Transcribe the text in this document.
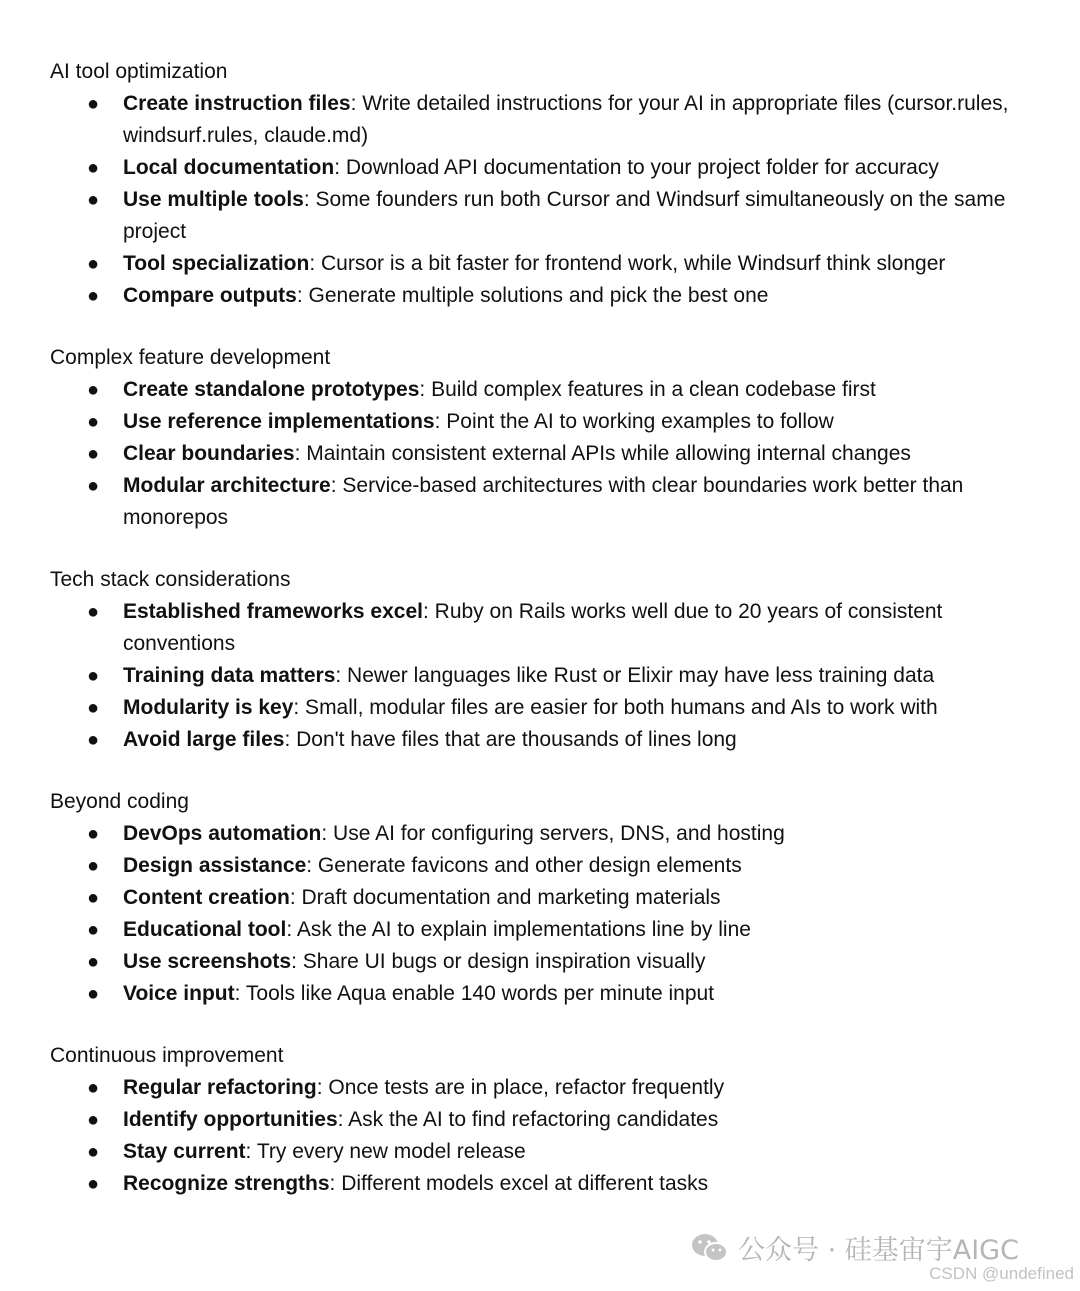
AI tool optimization
● Create instruction files: Write detailed instructions for your AI in appropriate files (cursor.rules, windsurf.rules, claude.md)
● Local documentation: Download API documentation to your project folder for accuracy
● Use multiple tools: Some founders run both Cursor and Windsurf simultaneously on the same project
● Tool specialization: Cursor is a bit faster for frontend work, while Windsurf think slonger
● Compare outputs: Generate multiple solutions and pick the best one
Complex feature development
● Create standalone prototypes: Build complex features in a clean codebase first
● Use reference implementations: Point the AI to working examples to follow
● Clear boundaries: Maintain consistent external APIs while allowing internal changes
● Modular architecture: Service-based architectures with clear boundaries work better than monorepos
Tech stack considerations
● Established frameworks excel: Ruby on Rails works well due to 20 years of consistent conventions
● Training data matters: Newer languages like Rust or Elixir may have less training data
● Modularity is key: Small, modular files are easier for both humans and AIs to work with
● Avoid large files: Don't have files that are thousands of lines long
Beyond coding
● DevOps automation: Use AI for configuring servers, DNS, and hosting
● Design assistance: Generate favicons and other design elements
● Content creation: Draft documentation and marketing materials
● Educational tool: Ask the AI to explain implementations line by line
● Use screenshots: Share UI bugs or design inspiration visually
● Voice input: Tools like Aqua enable 140 words per minute input
Continuous improvement
● Regular refactoring: Once tests are in place, refactor frequently
● Identify opportunities: Ask the AI to find refactoring candidates
● Stay current: Try every new model release
● Recognize strengths: Different models excel at different tasks
公众号 · 硅基宙宇AIGC
CSDN @undefined
